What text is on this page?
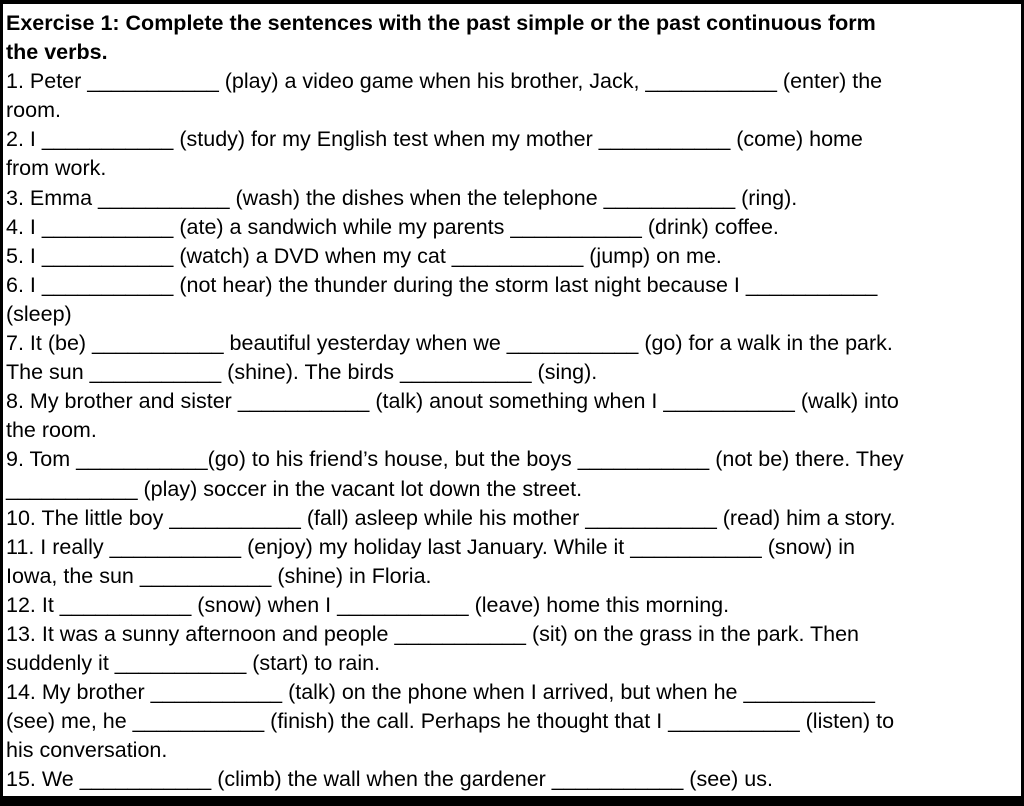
Exercise 1: Complete the sentences with the past simple or the past continuous form
the verbs.
1. Peter ___________ (play) a video game when his brother, Jack, ___________ (enter) the
room.
2. I ___________ (study) for my English test when my mother ___________ (come) home
from work.
3. Emma ___________ (wash) the dishes when the telephone ___________ (ring).
4. I ___________ (ate) a sandwich while my parents ___________ (drink) coffee.
5. I ___________ (watch) a DVD when my cat ___________ (jump) on me.
6. I ___________ (not hear) the thunder during the storm last night because I ___________
(sleep)
7. It (be) ___________ beautiful yesterday when we ___________ (go) for a walk in the park.
The sun ___________ (shine). The birds ___________ (sing).
8. My brother and sister ___________ (talk) anout something when I ___________ (walk) into
the room.
9. Tom ___________(go) to his friend’s house, but the boys ___________ (not be) there. They
___________ (play) soccer in the vacant lot down the street.
10. The little boy ___________ (fall) asleep while his mother ___________ (read) him a story.
11. I really ___________ (enjoy) my holiday last January. While it ___________ (snow) in
Iowa, the sun ___________ (shine) in Floria.
12. It ___________ (snow) when I ___________ (leave) home this morning.
13. It was a sunny afternoon and people ___________ (sit) on the grass in the park. Then
suddenly it ___________ (start) to rain.
14. My brother ___________ (talk) on the phone when I arrived, but when he ___________
(see) me, he ___________ (finish) the call. Perhaps he thought that I ___________ (listen) to
his conversation.
15. We ___________ (climb) the wall when the gardener ___________ (see) us.
